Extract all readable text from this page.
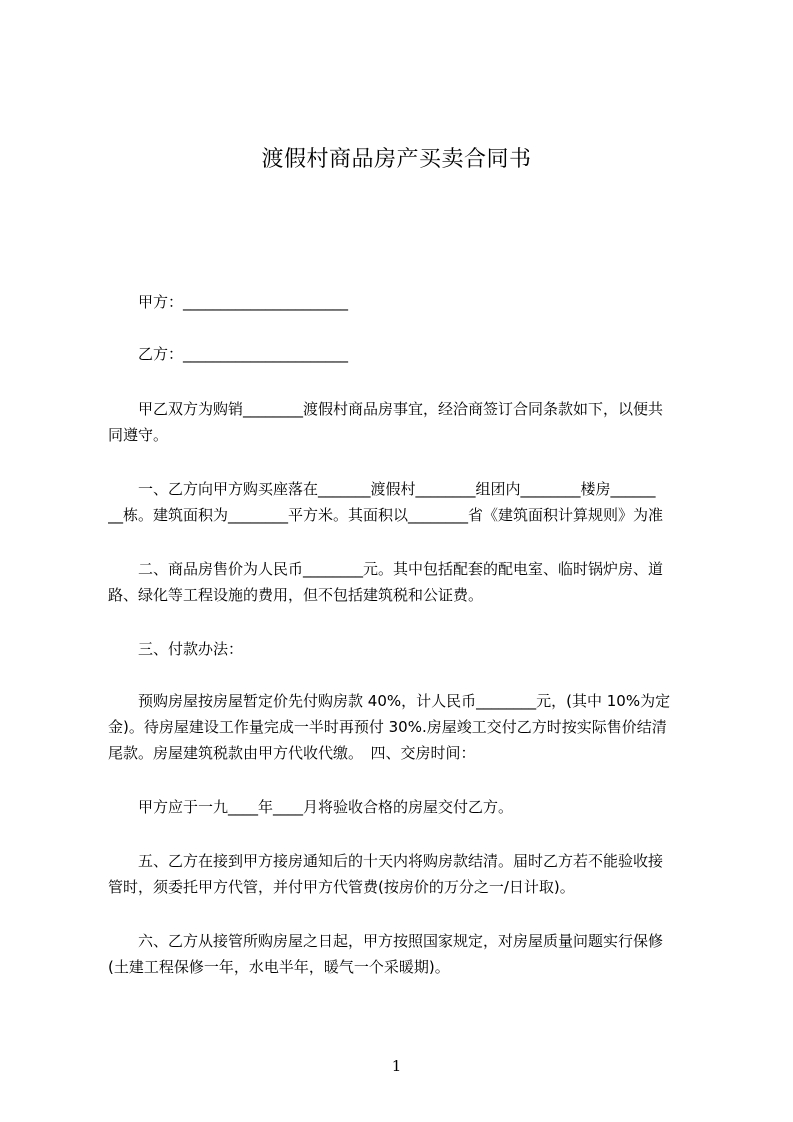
渡假村商品房产买卖合同书
　　甲方：______________________
　　乙方：______________________
　　甲乙双方为购销________渡假村商品房事宜，经洽商签订合同条款如下，以便共
同遵守。
　　一、乙方向甲方购买座落在_______渡假村________组团内________楼房______
__栋。建筑面积为________平方米。其面积以________省《建筑面积计算规则》为准
　　二、商品房售价为人民币________元。其中包括配套的配电室、临时锅炉房、道
路、绿化等工程设施的费用，但不包括建筑税和公证费。
　　三、付款办法：
　　预购房屋按房屋暂定价先付购房款 40%，计人民币________元，(其中 10%为定
金)。待房屋建设工作量完成一半时再预付 30%.房屋竣工交付乙方时按实际售价结清
尾款。房屋建筑税款由甲方代收代缴。　四、交房时间：
　　甲方应于一九____年____月将验收合格的房屋交付乙方。
　　五、乙方在接到甲方接房通知后的十天内将购房款结清。届时乙方若不能验收接
管时，须委托甲方代管，并付甲方代管费(按房价的万分之一/日计取)。
　　六、乙方从接管所购房屋之日起，甲方按照国家规定，对房屋质量问题实行保修
(土建工程保修一年，水电半年，暖气一个采暖期)。
1
